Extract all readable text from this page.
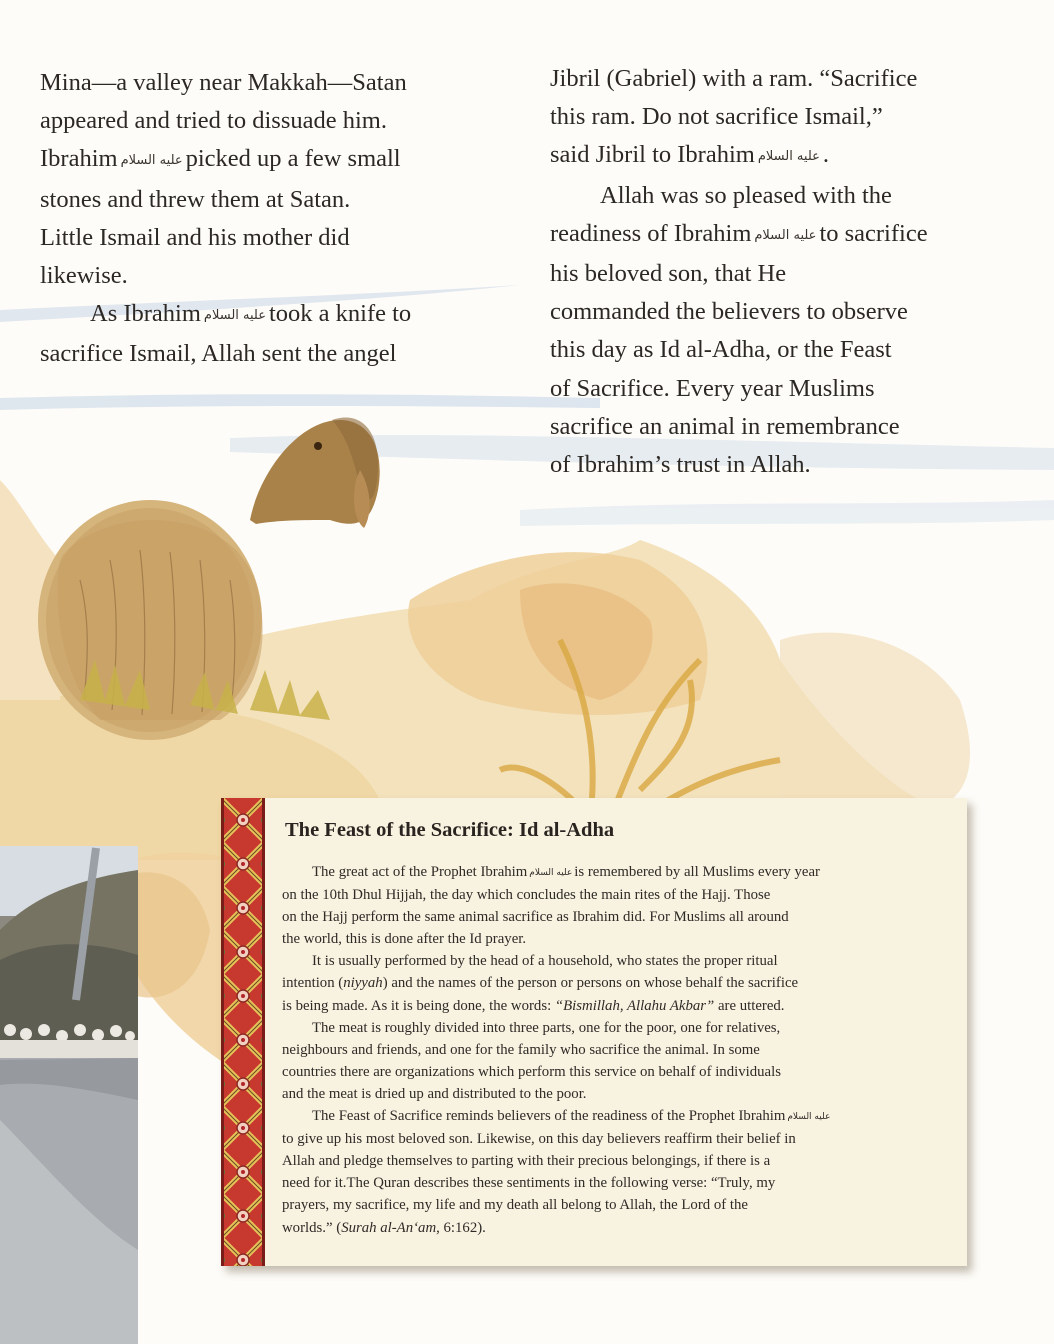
Mina—a valley near Makkah—Satan
appeared and tried to dissuade him.
Ibrahim عليه السلام picked up a few small
stones and threw them at Satan.
Little Ismail and his mother did
likewise.

As Ibrahim عليه السلام took a knife to
sacrifice Ismail, Allah sent the angel

Jibril (Gabriel) with a ram. “Sacrifice
this ram. Do not sacrifice Ismail,”
said Jibril to Ibrahim عليه السلام .

Allah was so pleased with the
readiness of Ibrahim عليه السلام to sacrifice
his beloved son, that He
commanded the believers to observe
this day as Id al-Adha, or the Feast
of Sacrifice. Every year Muslims
sacrifice an animal in remembrance
of Ibrahim’s trust in Allah.

The Feast of the Sacrifice: Id al-Adha

The great act of the Prophet Ibrahim عليه السلام is remembered by all Muslims every year
on the 10th Dhul Hijjah, the day which concludes the main rites of the Hajj. Those
on the Hajj perform the same animal sacrifice as Ibrahim did. For Muslims all around
the world, this is done after the Id prayer.

It is usually performed by the head of a household, who states the proper ritual
intention (niyyah) and the names of the person or persons on whose behalf the sacrifice
is being made. As it is being done, the words: “Bismillah, Allahu Akbar” are uttered.

The meat is roughly divided into three parts, one for the poor, one for relatives,
neighbours and friends, and one for the family who sacrifice the animal. In some
countries there are organizations which perform this service on behalf of individuals
and the meat is dried up and distributed to the poor.

The Feast of Sacrifice reminds believers of the readiness of the Prophet Ibrahim عليه السلام
to give up his most beloved son. Likewise, on this day believers reaffirm their belief in
Allah and pledge themselves to parting with their precious belongings, if there is a
need for it.The Quran describes these sentiments in the following verse: “Truly, my
prayers, my sacrifice, my life and my death all belong to Allah, the Lord of the
worlds.” (Surah al-An‘am, 6:162).
